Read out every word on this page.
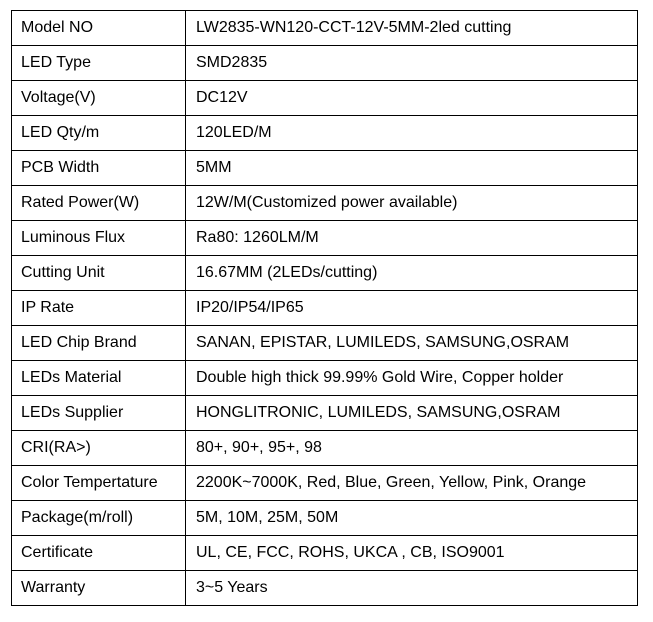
Model NO	LW2835-WN120-CCT-12V-5MM-2led cutting
LED Type	SMD2835
Voltage(V)	DC12V
LED Qty/m	120LED/M
PCB Width	5MM
Rated Power(W)	12W/M(Customized power available)
Luminous Flux	Ra80: 1260LM/M
Cutting Unit	16.67MM (2LEDs/cutting)
IP Rate	IP20/IP54/IP65
LED Chip Brand	SANAN, EPISTAR, LUMILEDS, SAMSUNG,OSRAM
LEDs Material	Double high thick 99.99% Gold Wire, Copper holder
LEDs Supplier	HONGLITRONIC, LUMILEDS, SAMSUNG,OSRAM
CRI(RA>)	80+, 90+, 95+, 98
Color Tempertature	2200K~7000K, Red, Blue, Green, Yellow, Pink, Orange
Package(m/roll)	5M, 10M, 25M, 50M
Certificate	UL, CE, FCC, ROHS, UKCA , CB, ISO9001
Warranty	3~5 Years
